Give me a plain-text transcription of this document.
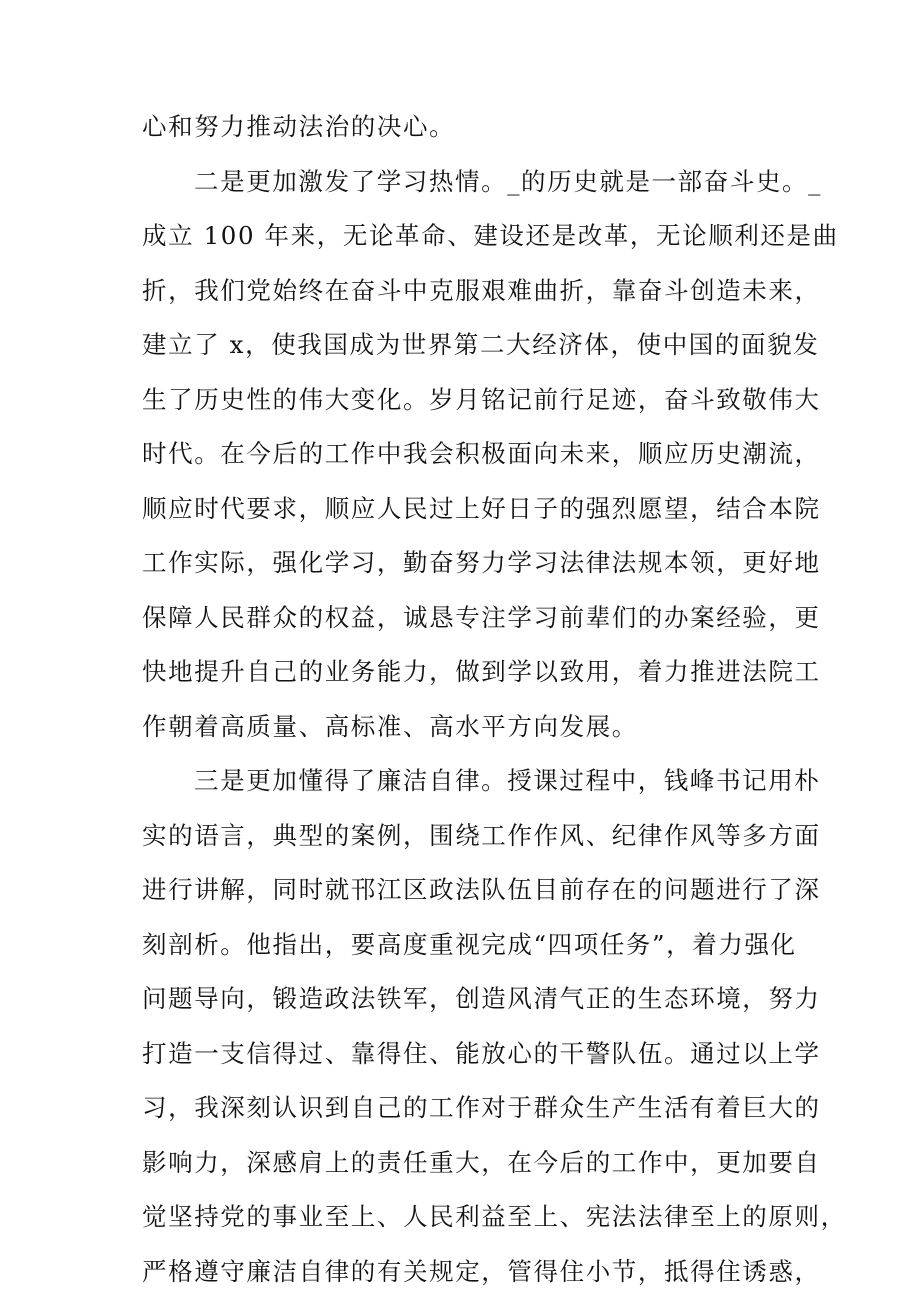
心和努力推动法治的决心。
二是更加激发了学习热情。_的历史就是一部奋斗史。_
成立 100 年来，无论革命、建设还是改革，无论顺利还是曲
折，我们党始终在奋斗中克服艰难曲折，靠奋斗创造未来，
建立了 x，使我国成为世界第二大经济体，使中国的面貌发
生了历史性的伟大变化。岁月铭记前行足迹，奋斗致敬伟大
时代。在今后的工作中我会积极面向未来，顺应历史潮流，
顺应时代要求，顺应人民过上好日子的强烈愿望，结合本院
工作实际，强化学习，勤奋努力学习法律法规本领，更好地
保障人民群众的权益，诚恳专注学习前辈们的办案经验，更
快地提升自己的业务能力，做到学以致用，着力推进法院工
作朝着高质量、高标准、高水平方向发展。
三是更加懂得了廉洁自律。授课过程中，钱峰书记用朴
实的语言，典型的案例，围绕工作作风、纪律作风等多方面
进行讲解，同时就邗江区政法队伍目前存在的问题进行了深
刻剖析。他指出，要高度重视完成“四项任务”，着力强化
问题导向，锻造政法铁军，创造风清气正的生态环境，努力
打造一支信得过、靠得住、能放心的干警队伍。通过以上学
习，我深刻认识到自己的工作对于群众生产生活有着巨大的
影响力，深感肩上的责任重大，在今后的工作中，更加要自
觉坚持党的事业至上、人民利益至上、宪法法律至上的原则，
严格遵守廉洁自律的有关规定，管得住小节，抵得住诱惑，
